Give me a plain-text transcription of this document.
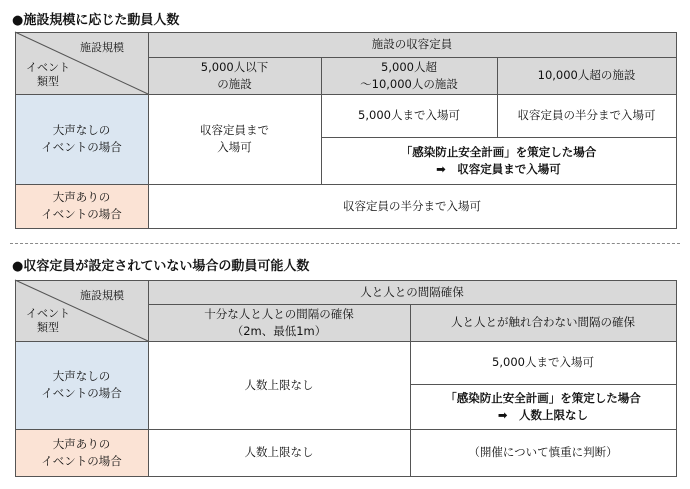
●施設規模に応じた動員人数
施設の収容定員
5,000人以下
の施設
5,000人超
～10,000人の施設
10,000人超の施設
大声なしの
イベントの場合
収容定員まで
入場可
5,000人まで入場可	収容定員の半分まで入場可
「感染防止安全計画」を策定した場合
➡　収容定員まで入場可
大声ありの
イベントの場合
収容定員の半分まで入場可
施設規模
イベント
類型
●収容定員が設定されていない場合の動員可能人数
人と人との間隔確保
十分な人と人との間隔の確保
（2m、最低1m）
人と人とが触れ合わない間隔の確保
大声なしの
イベントの場合
人数上限なし
5,000人まで入場可
「感染防止安全計画」を策定した場合
➡　人数上限なし
大声ありの
イベントの場合
人数上限なし	（開催について慎重に判断）
施設規模
イベント
類型
